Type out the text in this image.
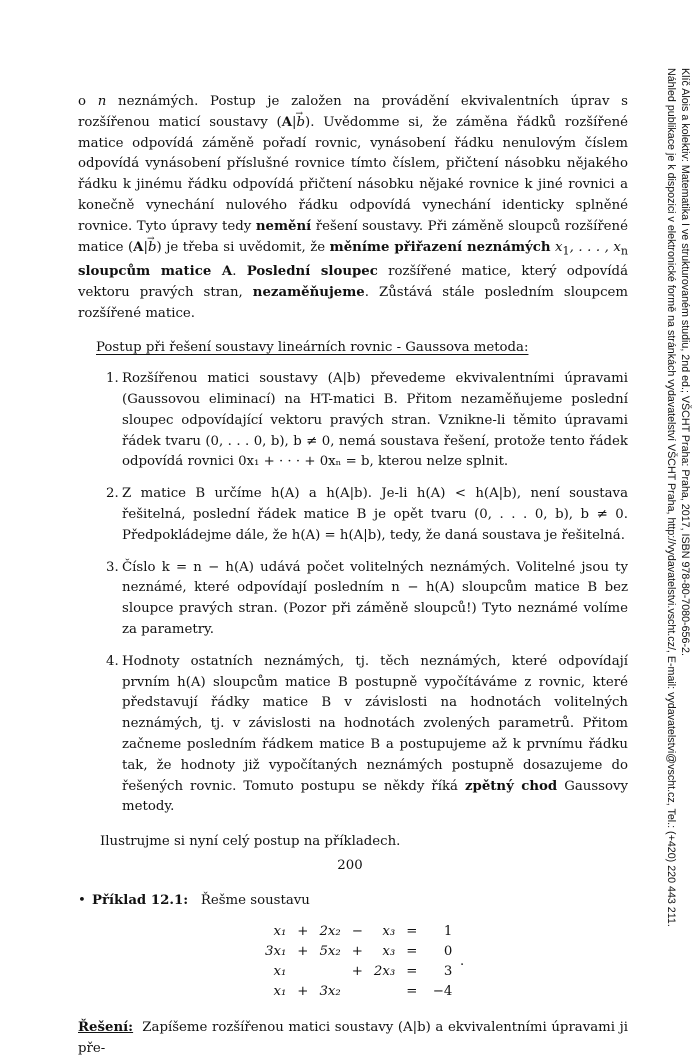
o n neznámých. Postup je založen na provádění ekvivalentních úprav s rozšířenou maticí soustavy (A|→ b). Uvědomme si, že záměna řádků rozšířené matice odpovídá záměně pořadí rovnic, vynásobení řádku nenulovým číslem odpovídá vynásobení příslušné rovnice tímto číslem, přičtení násobku nějakého řádku k jinému řádku odpovídá přičtení násobku nějaké rovnice k jiné rovnici a konečně vynechání nulového řádku odpovídá vynechání identicky splněné rovnice. Tyto úpravy tedy nemění řešení soustavy. Při záměně sloupců rozšířené matice (A|→ b) je třeba si uvědomit, že měníme přiřazení neznámých $x_1$, . . . , $x_n$ sloupcům matice A. Poslední sloupec rozšířené matice, který odpovídá vektoru pravých stran, nezaměňujeme. Zůstává stále posledním sloupcem rozšířené matice.

Postup při řešení soustavy lineárních rovnic - Gaussova metoda:

1. Rozšířenou matici soustavy (A|b) převedeme ekvivalentními úpravami (Gaussovou eliminací) na HT-matici B. Přitom nezaměňujeme poslední sloupec odpovídající vektoru pravých stran. Vznikne-li těmito úpravami řádek tvaru (0, . . . 0, b), b ≠ 0, nemá soustava řešení, protože tento řádek odpovídá rovnici 0x₁ + · · · + 0xₙ = b, kterou nelze splnit.
2. Z matice B určíme h(A) a h(A|b). Je-li h(A) < h(A|b), není soustava řešitelná, poslední řádek matice B je opět tvaru (0, . . . 0, b), b ≠ 0. Předpokládejme dále, že h(A) = h(A|b), tedy, že daná soustava je řešitelná.
3. Číslo k = n − h(A) udává počet volitelných neznámých. Volitelné jsou ty neznámé, které odpovídají posledním n − h(A) sloupcům matice B bez sloupce pravých stran. (Pozor při záměně sloupců!) Tyto neznámé volíme za parametry.
4. Hodnoty ostatních neznámých, tj. těch neznámých, které odpovídají prvním h(A) sloupcům matice B postupně vypočítáváme z rovnic, které představují řádky matice B v závislosti na hodnotách volitelných neznámých, tj. v závislosti na hodnotách zvolených parametrů. Přitom začneme posledním řádkem matice B a postupujeme až k prvnímu řádku tak, že hodnoty již vypočítaných neznámých postupně dosazujeme do řešených rovnic. Tomuto postupu se někdy říká zpětný chod Gaussovy metody.

Ilustrujme si nyní celý postup na příkladech.

• Příklad 12.1: Řešme soustavu

x₁	+	2x₂	−	x₃	=	1
3x₁	+	5x₂	+	x₃	=	0
x₁			+	2x₃	=	3
x₁	+	3x₂			=	−4
.

Řešení: Zapíšeme rozšířenou matici soustavy (A|b) a ekvivalentními úpravami ji pře-

200
Klíč Alois a kolektiv: Matematika I ve strukturovaném studiu, 2nd ed.; VŠCHT Praha: Praha, 2017, ISBN 978-80-7080-656-2.
Náhled publikace je k dispozici v elektronické formě na stránkách vydavatelství VŠCHT Praha, http://vydavatelstvi.vscht.cz/, E-mail: vydavatelstvi@vscht.cz, Tel.: (+420) 220 443 211.
